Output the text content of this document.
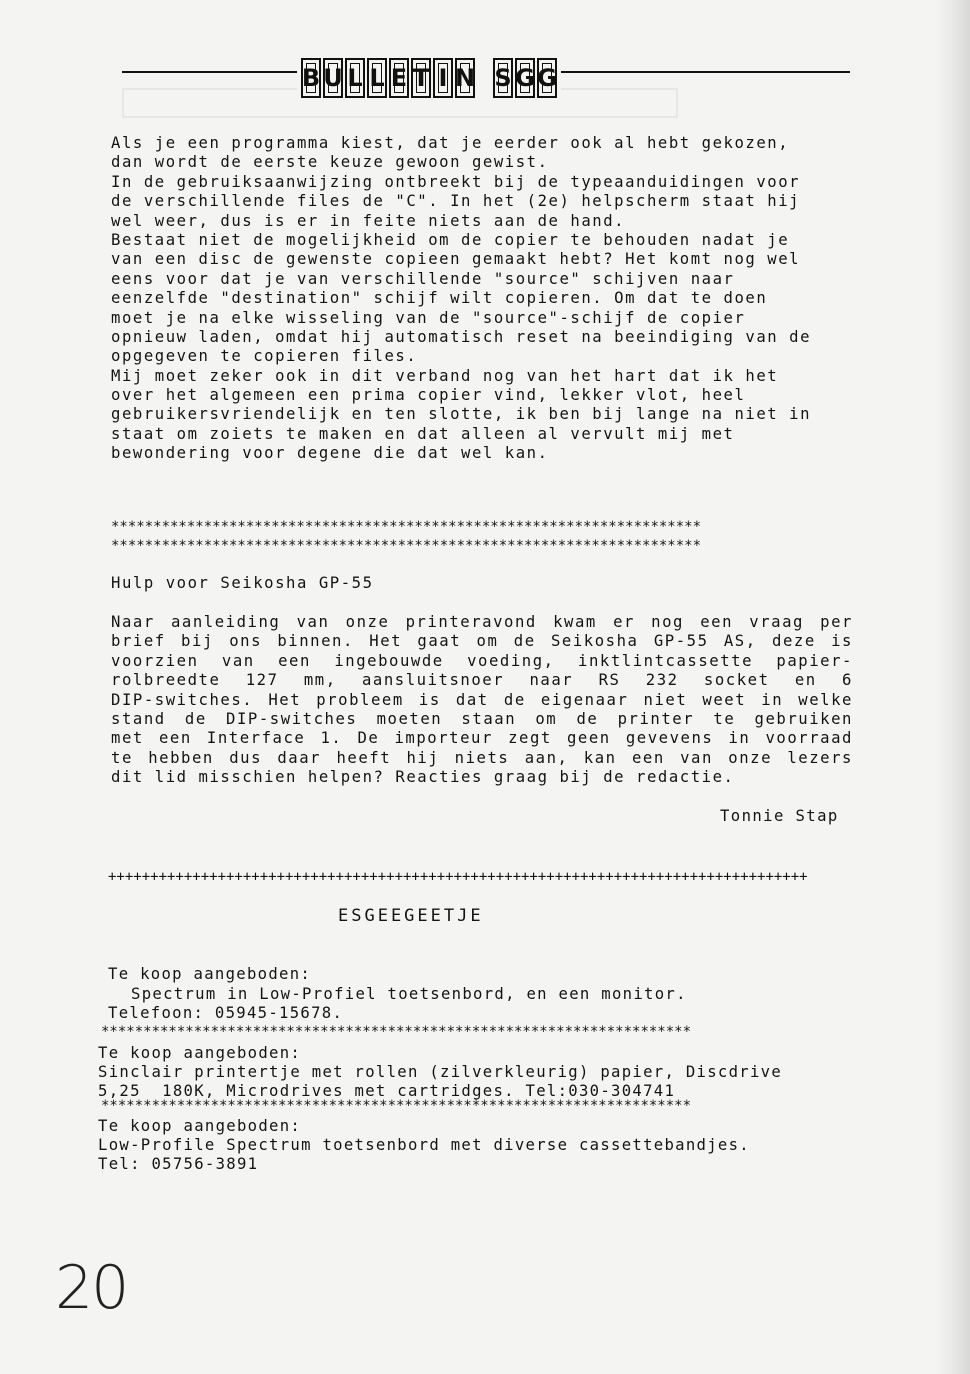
B U L L E T I N S G G
Als je een programma kiest, dat je eerder ook al hebt gekozen,
dan wordt de eerste keuze gewoon gewist.
In de gebruiksaanwijzing ontbreekt bij de typeaanduidingen voor
de verschillende files de "C". In het (2e) helpscherm staat hij
wel weer, dus is er in feite niets aan de hand.
Bestaat niet de mogelijkheid om de copier te behouden nadat je
van een disc de gewenste copieen gemaakt hebt? Het komt nog wel
eens voor dat je van verschillende "source" schijven naar
eenzelfde "destination" schijf wilt copieren. Om dat te doen
moet je na elke wisseling van de "source"-schijf de copier
opnieuw laden, omdat hij automatisch reset na beeindiging van de
opgegeven te copieren files.
Mij moet zeker ook in dit verband nog van het hart dat ik het
over het algemeen een prima copier vind, lekker vlot, heel
gebruikersvriendelijk en ten slotte, ik ben bij lange na niet in
staat om zoiets te maken en dat alleen al vervult mij met
bewondering voor degene die dat wel kan.
**********************************************************************
**********************************************************************
Hulp voor Seikosha GP-55
Naar aanleiding van onze printeravond kwam er nog een vraag per
brief bij ons binnen. Het gaat om de Seikosha GP-55 AS, deze is
voorzien van een ingebouwde voeding, inktlintcassette papier-
rolbreedte 127 mm, aansluitsnoer naar RS 232 socket en 6
DIP-switches. Het probleem is dat de eigenaar niet weet in welke
stand de DIP-switches moeten staan om de printer te gebruiken
met een Interface 1. De importeur zegt geen gevevens in voorraad
te hebben dus daar heeft hij niets aan, kan een van onze lezers
dit lid misschien helpen? Reacties graag bij de redactie.
Tonnie Stap
+++++++++++++++++++++++++++++++++++++++++++++++++++++++++++++++++++++++++++++++++++
ESGEEGEETJE
Te koop aangeboden:
Spectrum in Low-Profiel toetsenbord, en een monitor.
Telefoon: 05945-15678.
**********************************************************************
Te koop aangeboden:
Sinclair printertje met rollen (zilverkleurig) papier, Discdrive
5,25  180K, Microdrives met cartridges. Tel:030-304741
**********************************************************************
Te koop aangeboden:
Low-Profile Spectrum toetsenbord met diverse cassettebandjes.
Tel: 05756-3891
20
